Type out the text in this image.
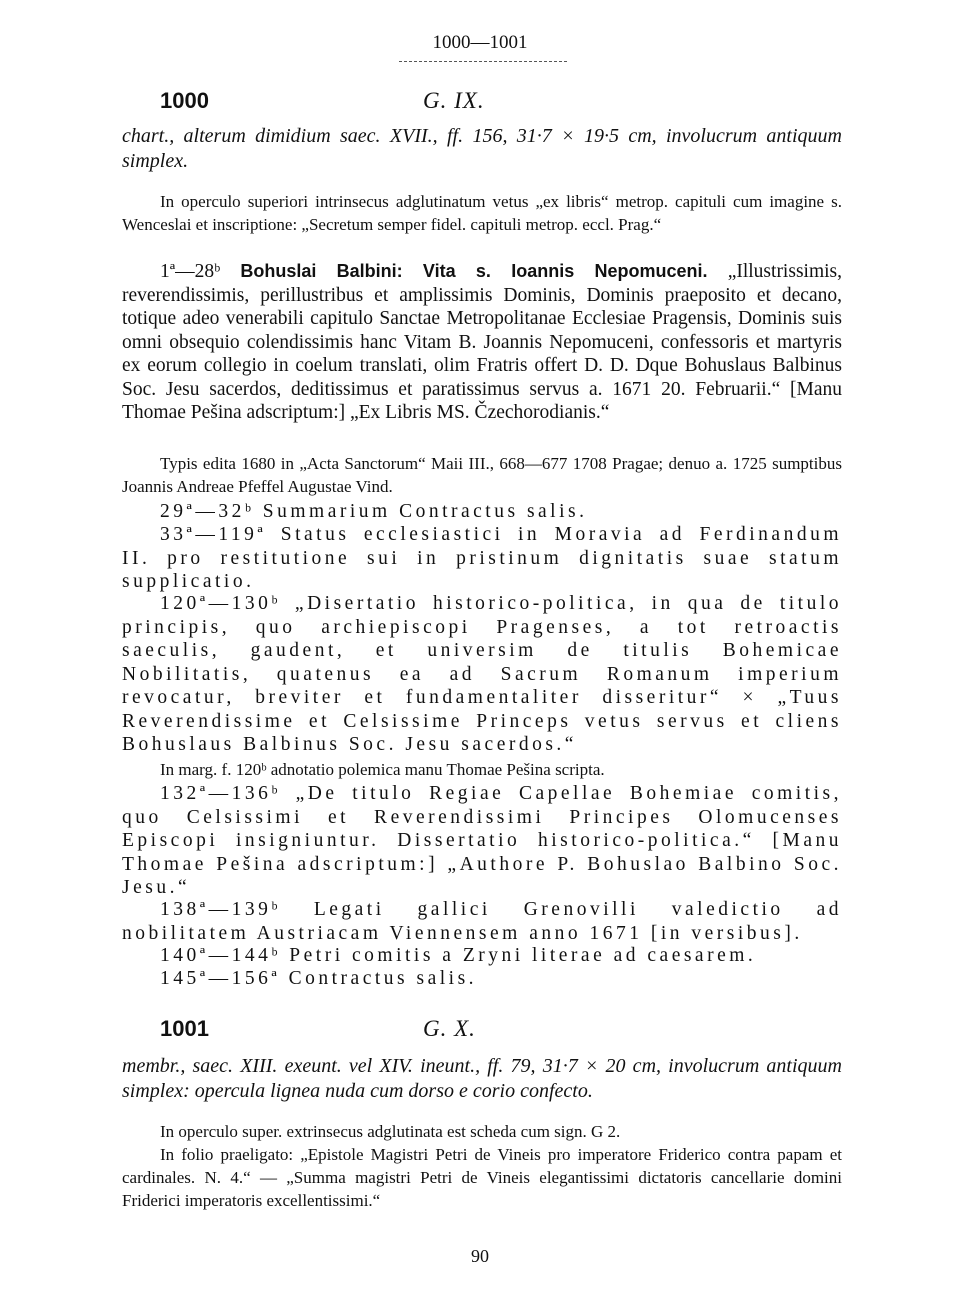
1000—1001
1000	G. IX.
chart., alterum dimidium saec. XVII., ff. 156, 31·7 × 19·5 cm, involucrum antiquum simplex.
In operculo superiori intrinsecus adglutinatum vetus „ex libris“ metrop. capituli cum imagine s. Wenceslai et inscriptione: „Secretum semper fidel. capituli metrop. eccl. Prag.“
1ª—28ᵇ Bohuslai Balbini: Vita s. Ioannis Nepomuceni. „Illustrissimis, reverendissimis, perillustribus et amplissimis Dominis, Dominis praeposito et decano, totique adeo venerabili capitulo Sanctae Metropolitanae Ecclesiae Pragensis, Dominis suis omni obsequio colendissimis hanc Vitam B. Joannis Nepomuceni, confessoris et martyris ex eorum collegio in coelum translati, olim Fratris offert D. D. Dque Bohuslaus Balbinus Soc. Jesu sacerdos, deditissimus et paratissimus servus a. 1671 20. Februarii.“ [Manu Thomae Pešina adscriptum:] „Ex Libris MS. Čzechorodianis.“
Typis edita 1680 in „Acta Sanctorum“ Maii III., 668—677 1708 Pragae; denuo a. 1725 sumptibus Joannis Andreae Pfeffel Augustae Vind.
29ª—32ᵇ Summarium Contractus salis.
33ª—119ª Status ecclesiastici in Moravia ad Ferdinandum II. pro restitutione sui in pristinum dignitatis suae statum supplicatio.
120ª—130ᵇ „Disertatio historico-politica, in qua de titulo principis, quo archiepiscopi Pragenses, a tot retroactis saeculis, gaudent, et universim de titulis Bohemicae Nobilitatis, quatenus ea ad Sacrum Romanum imperium revocatur, breviter et fundamentaliter disseritur“ × „Tuus Reverendissime et Celsissime Princeps vetus servus et cliens Bohuslaus Balbinus Soc. Jesu sacerdos.“
In marg. f. 120ᵇ adnotatio polemica manu Thomae Pešina scripta.
132ª—136ᵇ „De titulo Regiae Capellae Bohemiae comitis, quo Celsissimi et Reverendissimi Principes Olomucenses Episcopi insigniuntur. Dissertatio historico-politica.“ [Manu Thomae Pešina adscriptum:] „Authore P. Bohuslao Balbino Soc. Jesu.“
138ª—139ᵇ Legati gallici Grenovilli valedictio ad nobilitatem Austriacam Viennensem anno 1671 [in versibus].
140ª—144ᵇ Petri comitis a Zryni literae ad caesarem.
145ª—156ª Contractus salis.
1001	G. X.
membr., saec. XIII. exeunt. vel XIV. ineunt., ff. 79, 31·7 × 20 cm, involucrum antiquum simplex: opercula lignea nuda cum dorso e corio confecto.
In operculo super. extrinsecus adglutinata est scheda cum sign. G 2.
In folio praeligato: „Epistole Magistri Petri de Vineis pro imperatore Friderico contra papam et cardinales. N. 4.“ — „Summa magistri Petri de Vineis elegantissimi dictatoris cancellarie domini Friderici imperatoris excellentissimi.“
90
